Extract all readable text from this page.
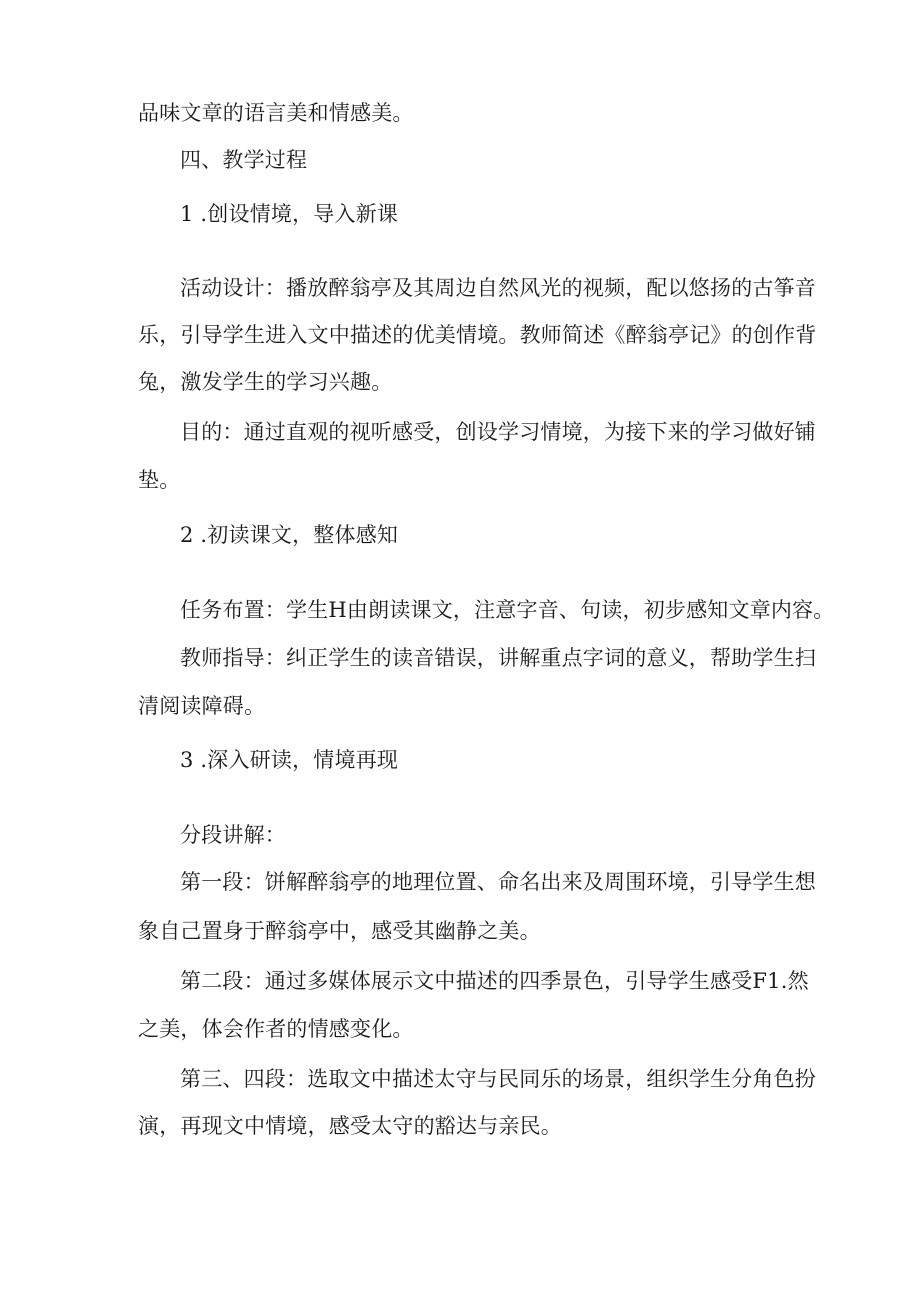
品味文章的语言美和情感美。
四、教学过程
1 .创设情境，导入新课
活动设计：播放醉翁亭及其周边自然风光的视频，配以悠扬的古筝音
乐，引导学生进入文中描述的优美情境。教师简述《醉翁亭记》的创作背
兔，激发学生的学习兴趣。
目的：通过直观的视听感受，创设学习情境，为接下来的学习做好铺
垫。
2 .初读课文，整体感知
任务布置：学生H由朗读课文，注意字音、句读，初步感知文章内容。
教师指导：纠正学生的读音错误，讲解重点字词的意义，帮助学生扫
清阅读障碍。
3 .深入研读，情境再现
分段讲解：
第一段：饼解醉翁亭的地理位置、命名出来及周围环境，引导学生想
象自己置身于醉翁亭中，感受其幽静之美。
第二段：通过多媒体展示文中描述的四季景色，引导学生感受F1.然
之美，体会作者的情感变化。
第三、四段：选取文中描述太守与民同乐的场景，组织学生分角色扮
演，再现文中情境，感受太守的豁达与亲民。
